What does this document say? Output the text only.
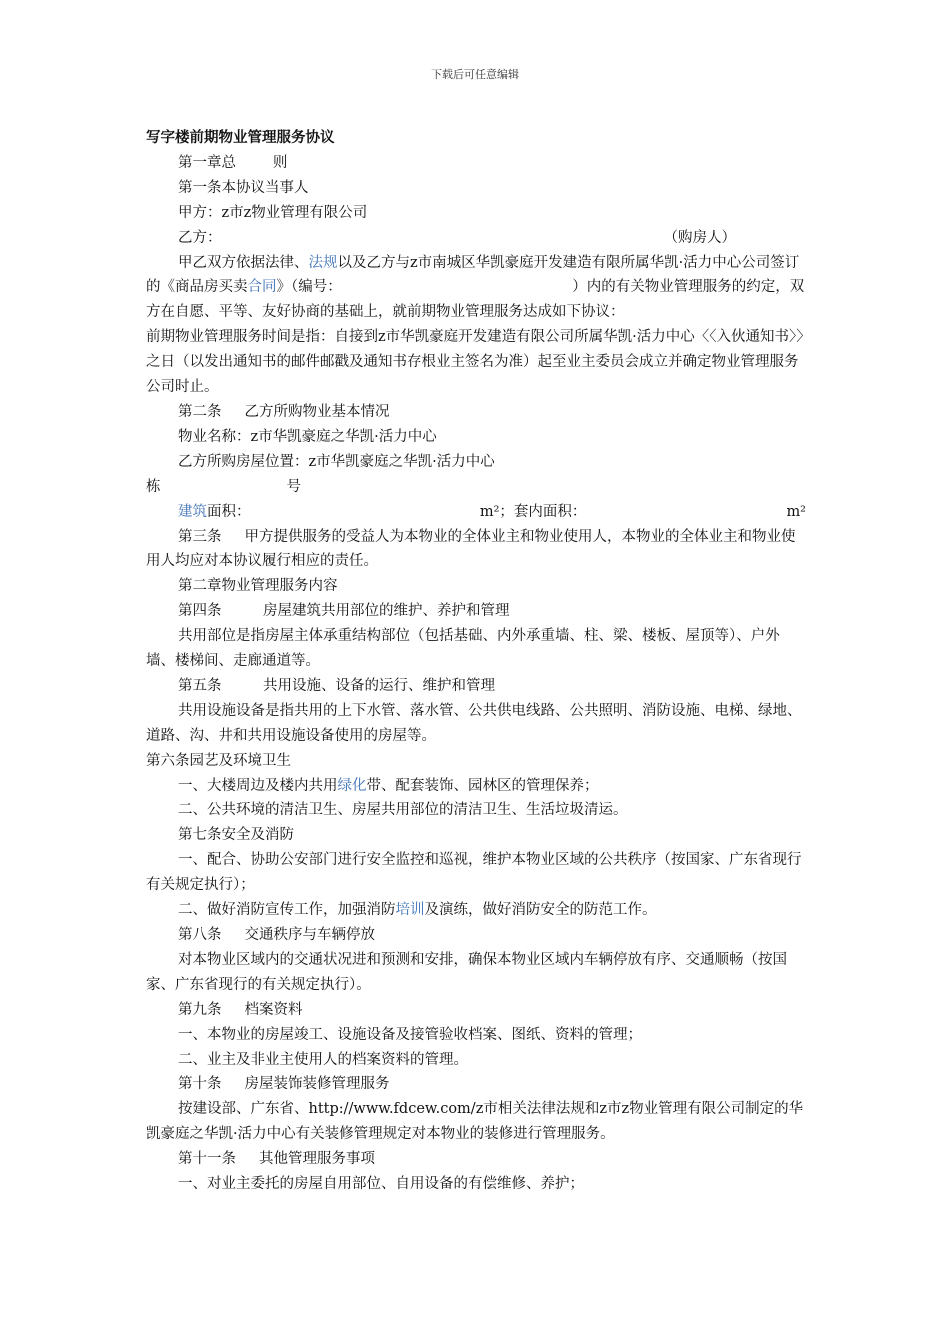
下载后可任意编辑

写字楼前期物业管理服务协议

第一章总        则

第一条本协议当事人

甲方：z市z物业管理有限公司

乙方：	（购房人）

甲乙双方依据法律、法规以及乙方与z市南城区华凯豪庭开发建造有限所属华凯·活力中心公司签订的《商品房买卖合同》（编号：                                                  ）内的有关物业管理服务的约定，双方在自愿、平等、友好协商的基础上，就前期物业管理服务达成如下协议：

前期物业管理服务时间是指：自接到z市华凯豪庭开发建造有限公司所属华凯·活力中心〈〈入伙通知书〉〉之日（以发出通知书的邮件邮戳及通知书存根业主签名为准）起至业主委员会成立并确定物业管理服务公司时止。

第二条     乙方所购物业基本情况

物业名称：z市华凯豪庭之华凯·活力中心

乙方所购房屋位置：z市华凯豪庭之华凯·活力中心

栋	号

建筑面积：	m²；套内面积：	m²

第三条     甲方提供服务的受益人为本物业的全体业主和物业使用人，本物业的全体业主和物业使用人均应对本协议履行相应的责任。

第二章物业管理服务内容

第四条         房屋建筑共用部位的维护、养护和管理

共用部位是指房屋主体承重结构部位（包括基础、内外承重墙、柱、梁、楼板、屋顶等）、户外墙、楼梯间、走廊通道等。

第五条         共用设施、设备的运行、维护和管理

共用设施设备是指共用的上下水管、落水管、公共供电线路、公共照明、消防设施、电梯、绿地、道路、沟、井和共用设施设备使用的房屋等。

第六条园艺及环境卫生

一、大楼周边及楼内共用绿化带、配套装饰、园林区的管理保养；

二、公共环境的清洁卫生、房屋共用部位的清洁卫生、生活垃圾清运。

第七条安全及消防

一、配合、协助公安部门进行安全监控和巡视，维护本物业区域的公共秩序（按国家、广东省现行有关规定执行）；

二、做好消防宣传工作，加强消防培训及演练，做好消防安全的防范工作。

第八条     交通秩序与车辆停放

对本物业区域内的交通状况进和预测和安排，确保本物业区域内车辆停放有序、交通顺畅（按国家、广东省现行的有关规定执行）。

第九条     档案资料

一、本物业的房屋竣工、设施设备及接管验收档案、图纸、资料的管理；

二、业主及非业主使用人的档案资料的管理。

第十条     房屋装饰装修管理服务

按建设部、广东省、http://www.fdcew.com/z市相关法律法规和z市z物业管理有限公司制定的华凯豪庭之华凯·活力中心有关装修管理规定对本物业的装修进行管理服务。

第十一条     其他管理服务事项

一、对业主委托的房屋自用部位、自用设备的有偿维修、养护；
